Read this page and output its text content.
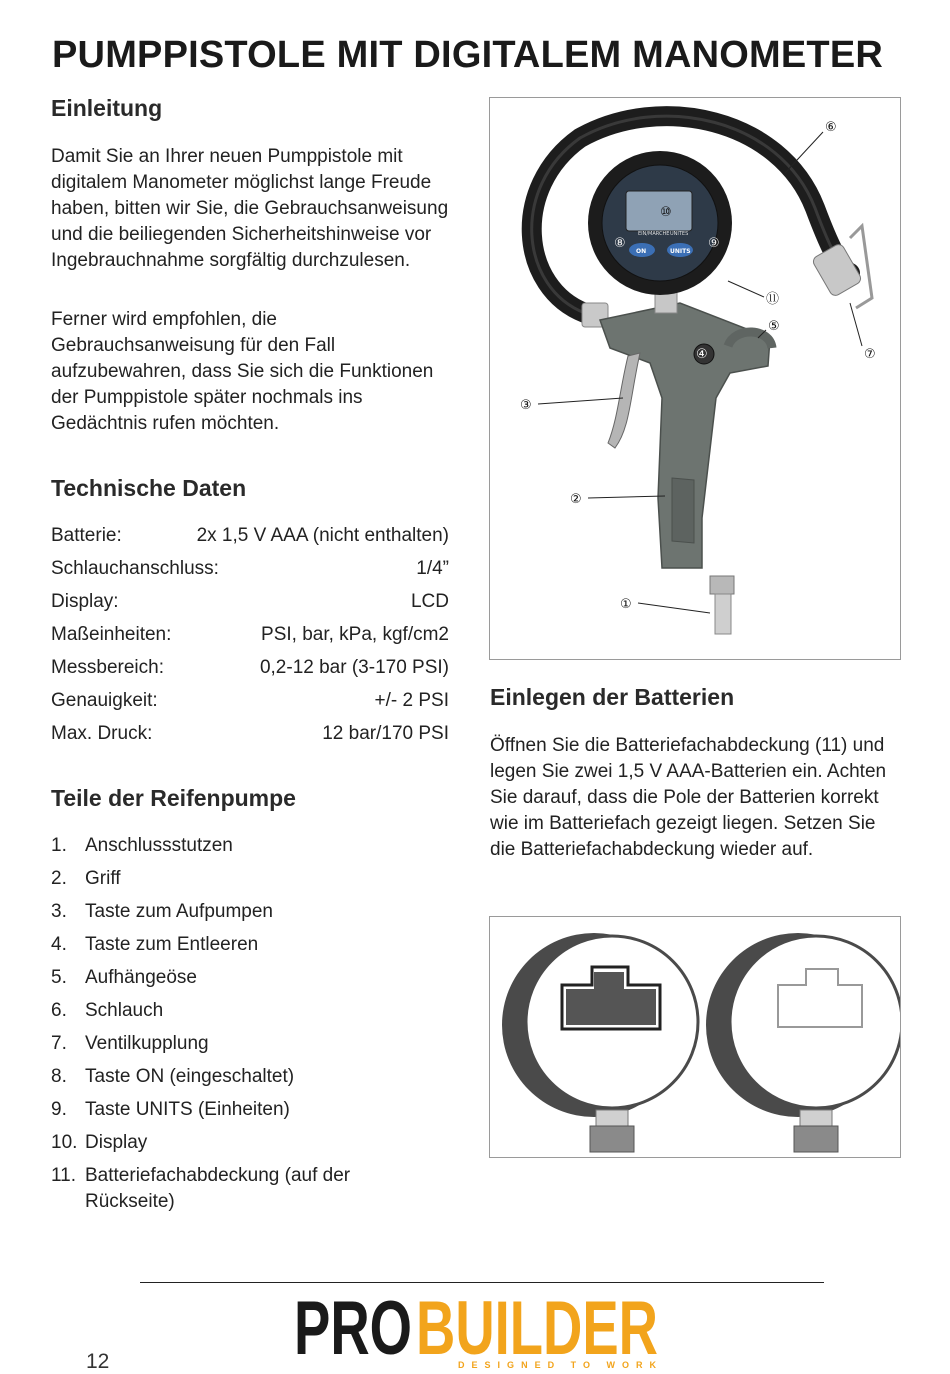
PUMPPISTOLE MIT DIGITALEM MANOMETER
Einleitung

Damit Sie an Ihrer neuen Pumppistole mit digitalem Manometer möglichst lange Freude haben, bitten wir Sie, die Gebrauchsanweisung und die beiliegenden Sicherheitshinweise vor Ingebrauchnahme sorgfältig durchzulesen.

Ferner wird empfohlen, die Gebrauchsanweisung für den Fall aufzubewahren, dass Sie sich die Funktionen der Pumppistole später nochmals ins Gedächtnis rufen möchten.

Technische Daten
Batterie:	2x 1,5 V AAA (nicht enthalten)
Schlauchanschluss:	1/4”
Display:	LCD
Maßeinheiten:	PSI, bar, kPa, kgf/cm2
Messbereich:	0,2-12 bar (3-170 PSI)
Genauigkeit:	+/- 2 PSI
Max. Druck:	12 bar/170 PSI
Teile der Reifenpumpe
1. Anschlussstutzen
2. Griff
3. Taste zum Aufpumpen
4. Taste zum Entleeren
5. Aufhängeöse
6. Schlauch
7. Ventilkupplung
8. Taste ON (eingeschaltet)
9. Taste UNITS (Einheiten)
10. Display
11. Batteriefachabdeckung (auf der Rückseite)
EIN/MARCHE UNITES
ON	UNITS
①
②
③
④
⑤
⑥
⑦
⑧	⑨
⑩
⑪
Einlegen der Batterien

Öffnen Sie die Batteriefachabdeckung (11) und legen Sie zwei 1,5 V AAA-Batterien ein. Achten Sie darauf, dass die Pole der Batterien korrekt wie im Batteriefach gezeigt liegen. Setzen Sie die Batteriefachabdeckung wieder auf.

12 PRO BUILDER
DESIGNED TO WORK
